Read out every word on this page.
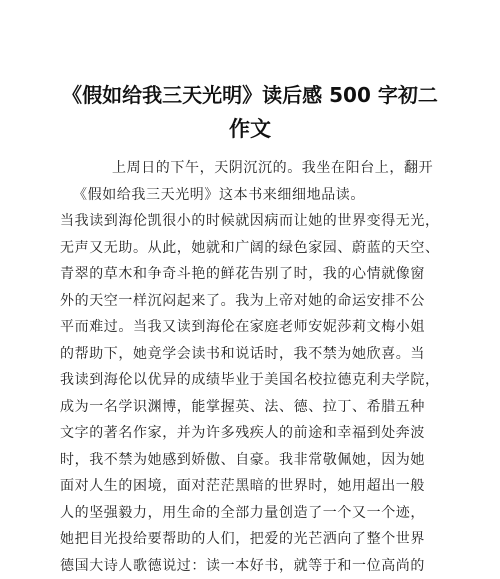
《假如给我三天光明》读后感 500 字初二
作文
上周日的下午，天阴沉沉的。我坐在阳台上，翻开
《假如给我三天光明》这本书来细细地品读。
当我读到海伦凯很小的时候就因病而让她的世界变得无光，
无声又无助。从此，她就和广阔的绿色家园、蔚蓝的天空、
青翠的草木和争奇斗艳的鲜花告别了时，我的心情就像窗
外的天空一样沉闷起来了。我为上帝对她的命运安排不公
平而难过。当我又读到海伦在家庭老师安妮莎莉文梅小姐
的帮助下，她竟学会读书和说话时，我不禁为她欣喜。当
我读到海伦以优异的成绩毕业于美国名校拉德克利夫学院，
成为一名学识渊博，能掌握英、法、德、拉丁、希腊五种
文字的著名作家，并为许多残疾人的前途和幸福到处奔波
时，我不禁为她感到娇傲、自豪。我非常敬佩她，因为她
面对人生的困境，面对茫茫黑暗的世界时，她用超出一般
人的坚强毅力，用生命的全部力量创造了一个又一个迹，
她把目光投给要帮助的人们，把爱的光芒洒向了整个世界
德国大诗人歌德说过：读一本好书，就等于和一位高尚的
